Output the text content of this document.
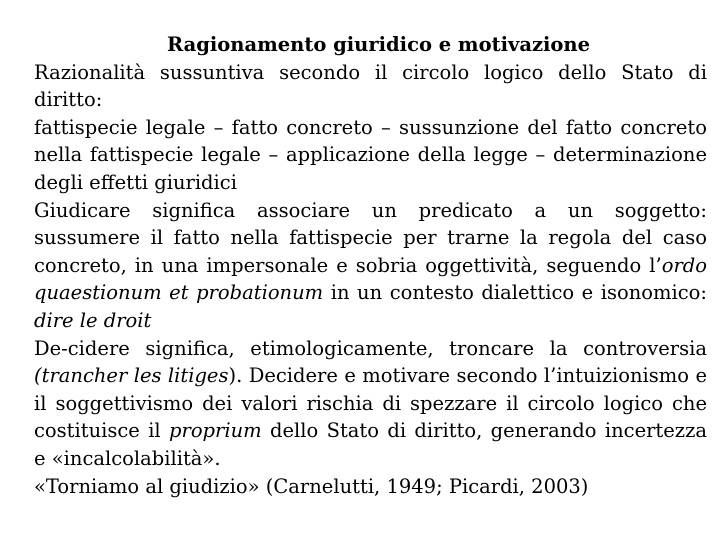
Ragionamento giuridico e motivazione

Razionalità sussuntiva secondo il circolo logico dello Stato di diritto:

fattispecie legale – fatto concreto – sussunzione del fatto concreto nella fattispecie legale – applicazione della legge – determinazione degli effetti giuridici

Giudicare significa associare un predicato a un soggetto: sussumere il fatto nella fattispecie per trarne la regola del caso concreto, in una impersonale e sobria oggettività, seguendo l’ordo quaestionum et probationum in un contesto dialettico e isonomico: dire le droit

De-cidere significa, etimologicamente, troncare la controversia (trancher les litiges). Decidere e motivare secondo l’intuizionismo e il soggettivismo dei valori rischia di spezzare il circolo logico che costituisce il proprium dello Stato di diritto, generando incertezza e «incalcolabilità».

«Torniamo al giudizio» (Carnelutti, 1949; Picardi, 2003)
